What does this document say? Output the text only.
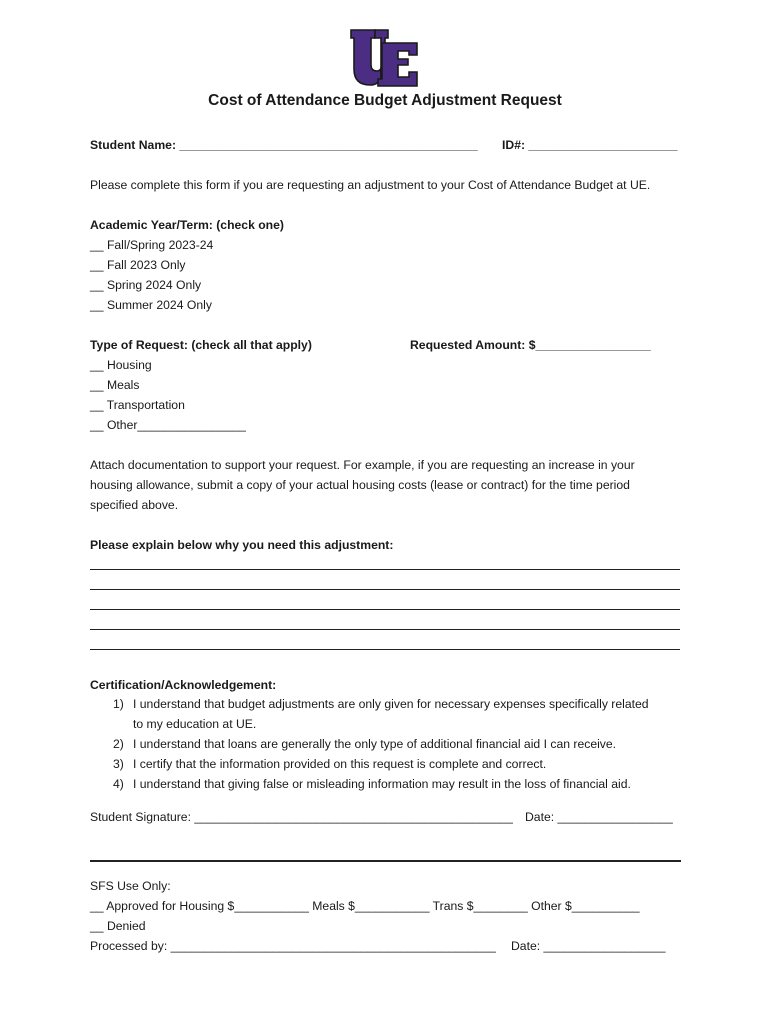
Cost of Attendance Budget Adjustment Request
Student Name: ____________________________________________ ID#: ______________________
Please complete this form if you are requesting an adjustment to your Cost of Attendance Budget at UE.
Academic Year/Term: (check one)
__ Fall/Spring 2023-24
__ Fall 2023 Only
__ Spring 2024 Only
__ Summer 2024 Only
Type of Request: (check all that apply)	Requested Amount: $_________________
__ Housing
__ Meals
__ Transportation
__ Other________________
Attach documentation to support your request. For example, if you are requesting an increase in your
housing allowance, submit a copy of your actual housing costs (lease or contract) for the time period
specified above.
Please explain below why you need this adjustment:
Certification/Acknowledgement:
1) I understand that budget adjustments are only given for necessary expenses specifically related
to my education at UE.
2) I understand that loans are generally the only type of additional financial aid I can receive.
3) I certify that the information provided on this request is complete and correct.
4) I understand that giving false or misleading information may result in the loss of financial aid.
Student Signature: _______________________________________________ Date: _________________
SFS Use Only:
__ Approved for Housing $___________ Meals $___________ Trans $________ Other $__________
__ Denied
Processed by: ________________________________________________ Date: __________________
